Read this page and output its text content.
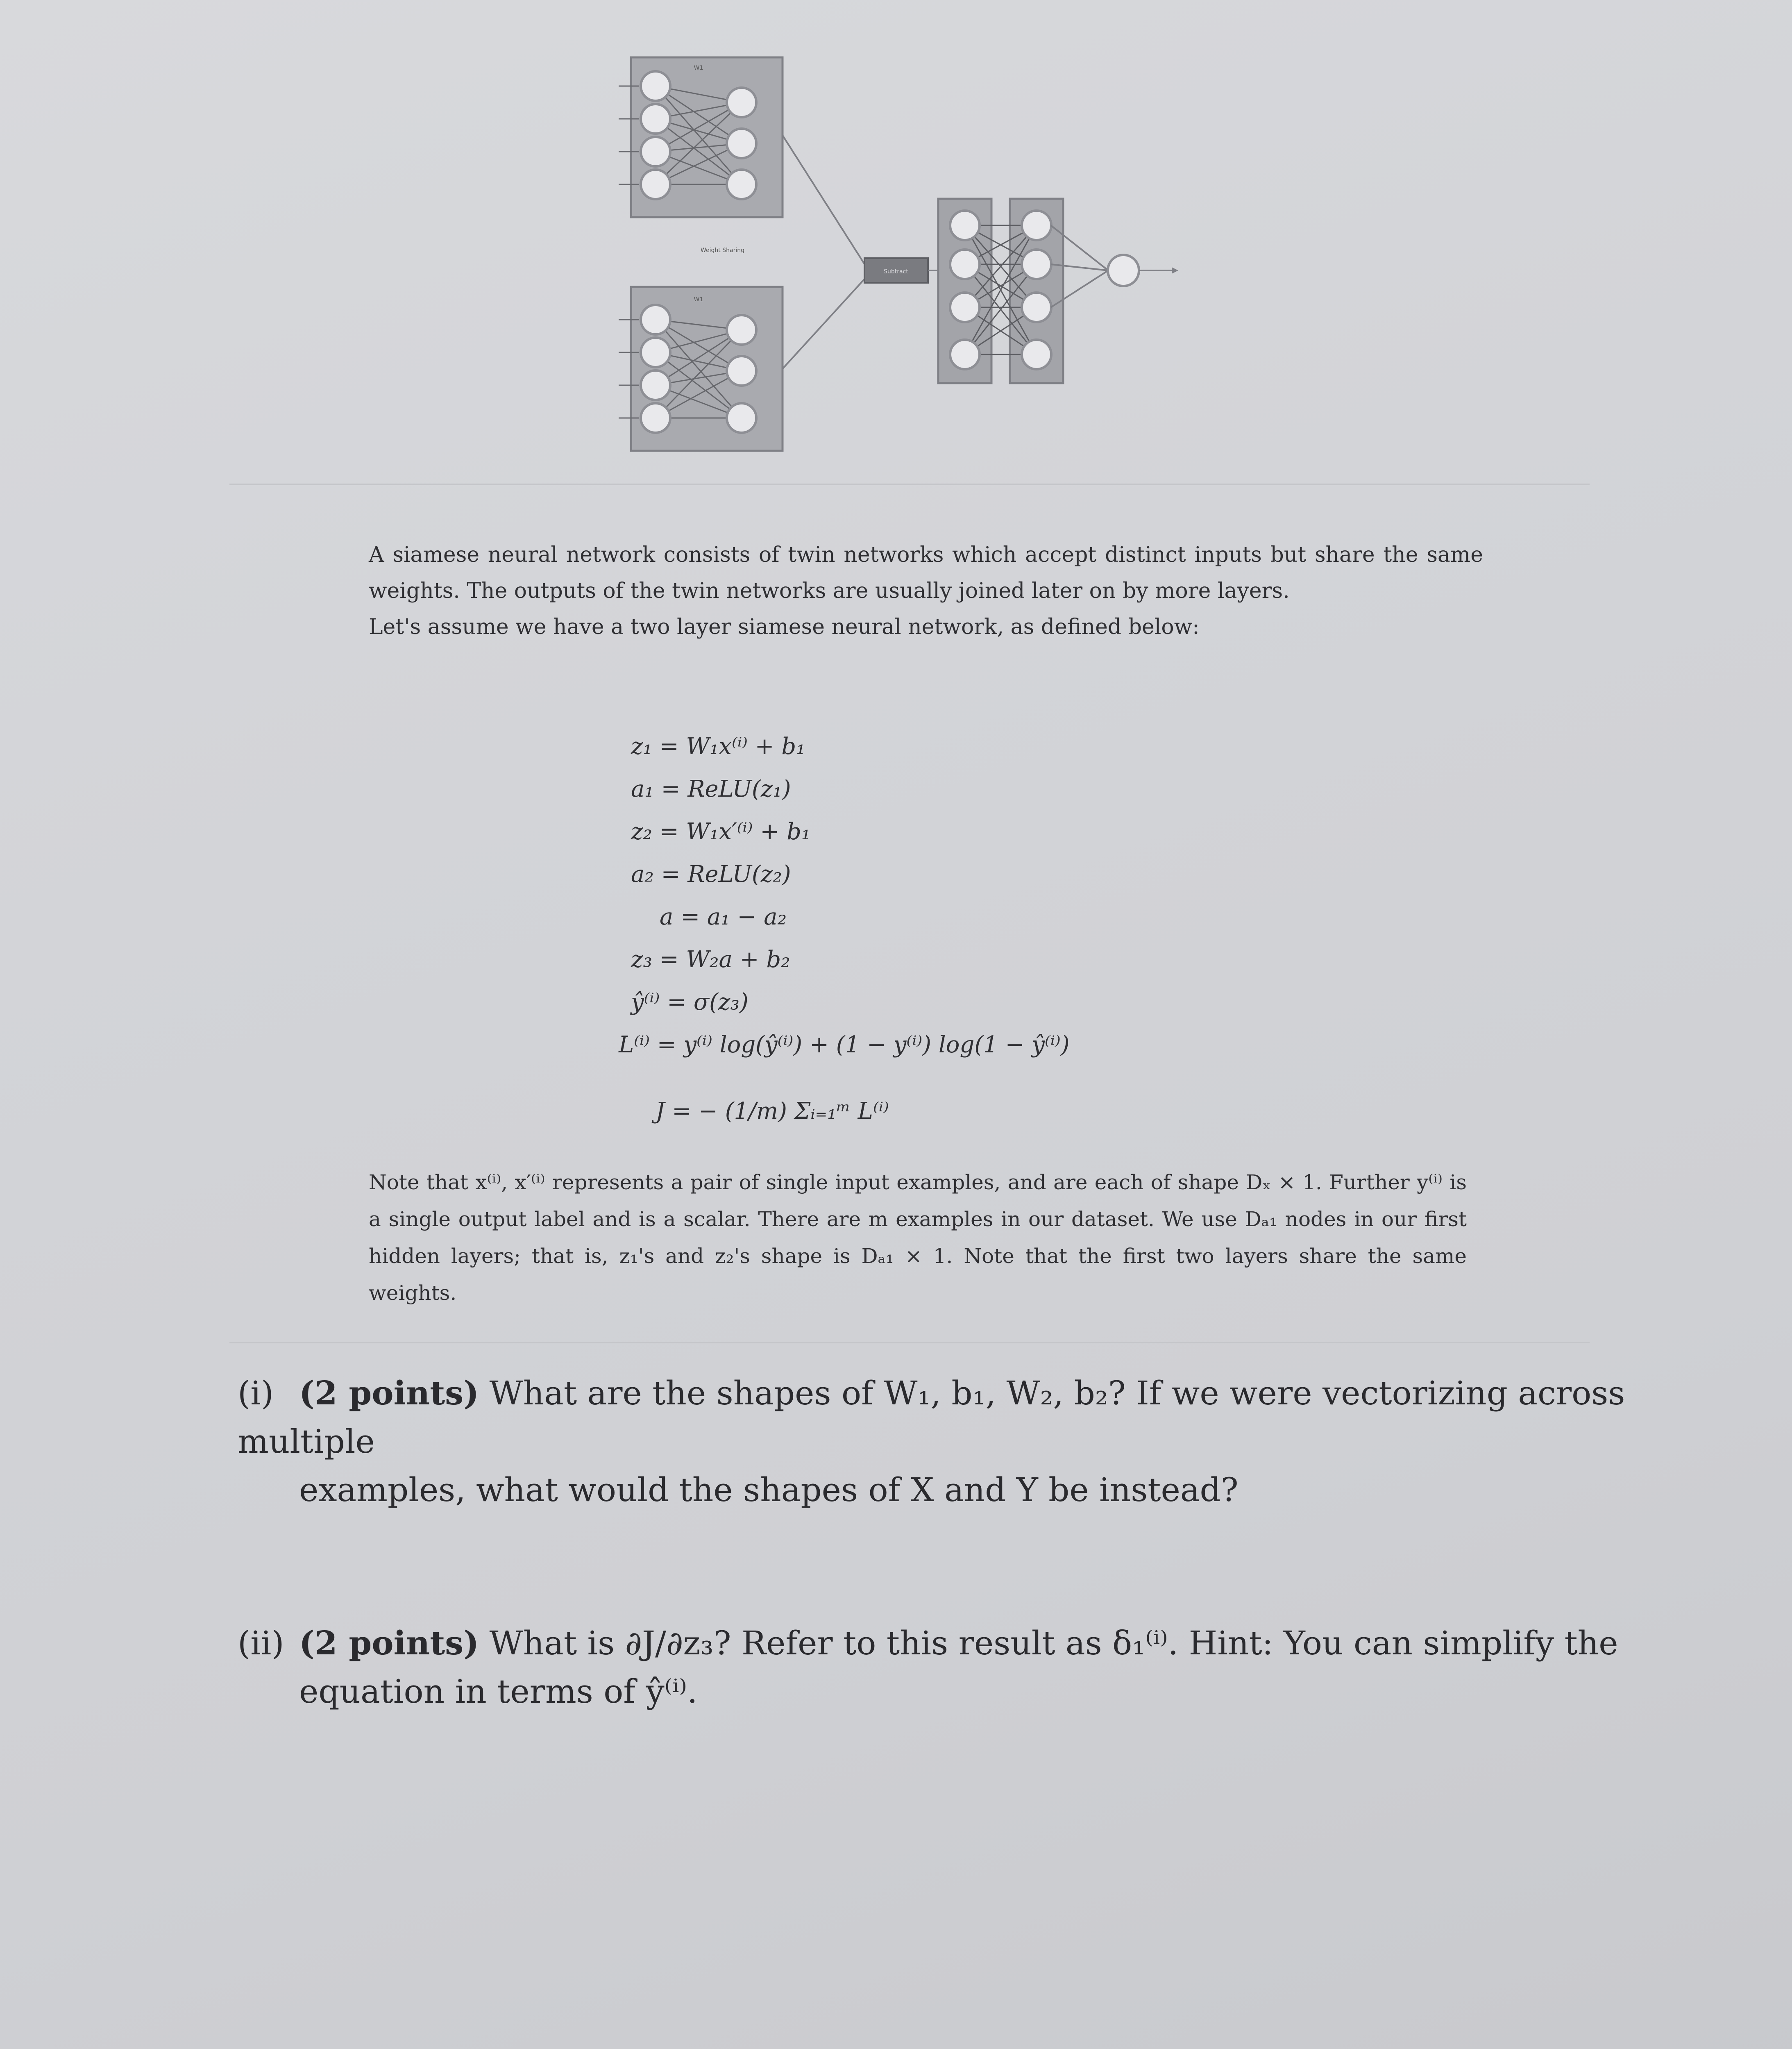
W1
Weight Sharing
W1
Subtract

A siamese neural network consists of twin networks which accept distinct inputs but share the same weights. The outputs of the twin networks are usually joined later on by more layers.

Let's assume we have a two layer siamese neural network, as defined below:

z₁ = W₁x⁽ⁱ⁾ + b₁
a₁ = ReLU(z₁)
z₂ = W₁x′⁽ⁱ⁾ + b₁
a₂ = ReLU(z₂)
a = a₁ − a₂
z₃ = W₂a + b₂
ŷ⁽ⁱ⁾ = σ(z₃)
L⁽ⁱ⁾ = y⁽ⁱ⁾ log(ŷ⁽ⁱ⁾) + (1 − y⁽ⁱ⁾) log(1 − ŷ⁽ⁱ⁾)
J = − (1/m) Σᵢ₌₁ᵐ L⁽ⁱ⁾

Note that x⁽ⁱ⁾, x′⁽ⁱ⁾ represents a pair of single input examples, and are each of shape Dₓ × 1. Further y⁽ⁱ⁾ is a single output label and is a scalar. There are m examples in our dataset. We use Dₐ₁ nodes in our first hidden layers; that is, z₁'s and z₂'s shape is Dₐ₁ × 1. Note that the first two layers share the same weights.

(i) (2 points) What are the shapes of W₁, b₁, W₂, b₂? If we were vectorizing across multiple
examples, what would the shapes of X and Y be instead?
(ii) (2 points) What is ∂J/∂z₃? Refer to this result as δ₁⁽ⁱ⁾. Hint: You can simplify the
equation in terms of ŷ⁽ⁱ⁾.
